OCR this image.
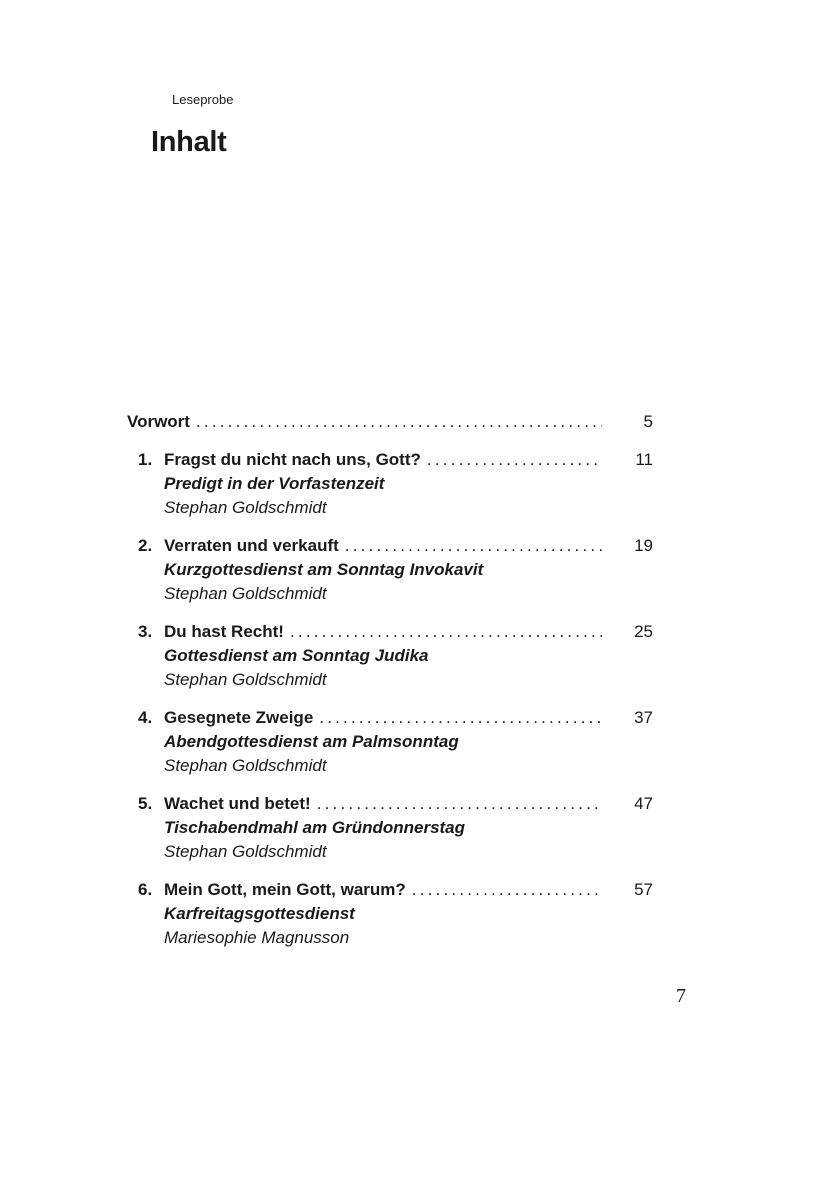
Leseprobe
Inhalt
Vorwort .....	5
1. Fragst du nicht nach uns, Gott? .....	11
Predigt in der Vorfastenzeit
Stephan Goldschmidt
2. Verraten und verkauft .....	19
Kurzgottesdienst am Sonntag Invokavit
Stephan Goldschmidt
3. Du hast Recht! .....	25
Gottesdienst am Sonntag Judika
Stephan Goldschmidt
4. Gesegnete Zweige .....	37
Abendgottesdienst am Palmsonntag
Stephan Goldschmidt
5. Wachet und betet! .....	47
Tischabendmahl am Gründonnerstag
Stephan Goldschmidt
6. Mein Gott, mein Gott, warum? .....	57
Karfreitagsgottesdienst
Mariesophie Magnusson
7
